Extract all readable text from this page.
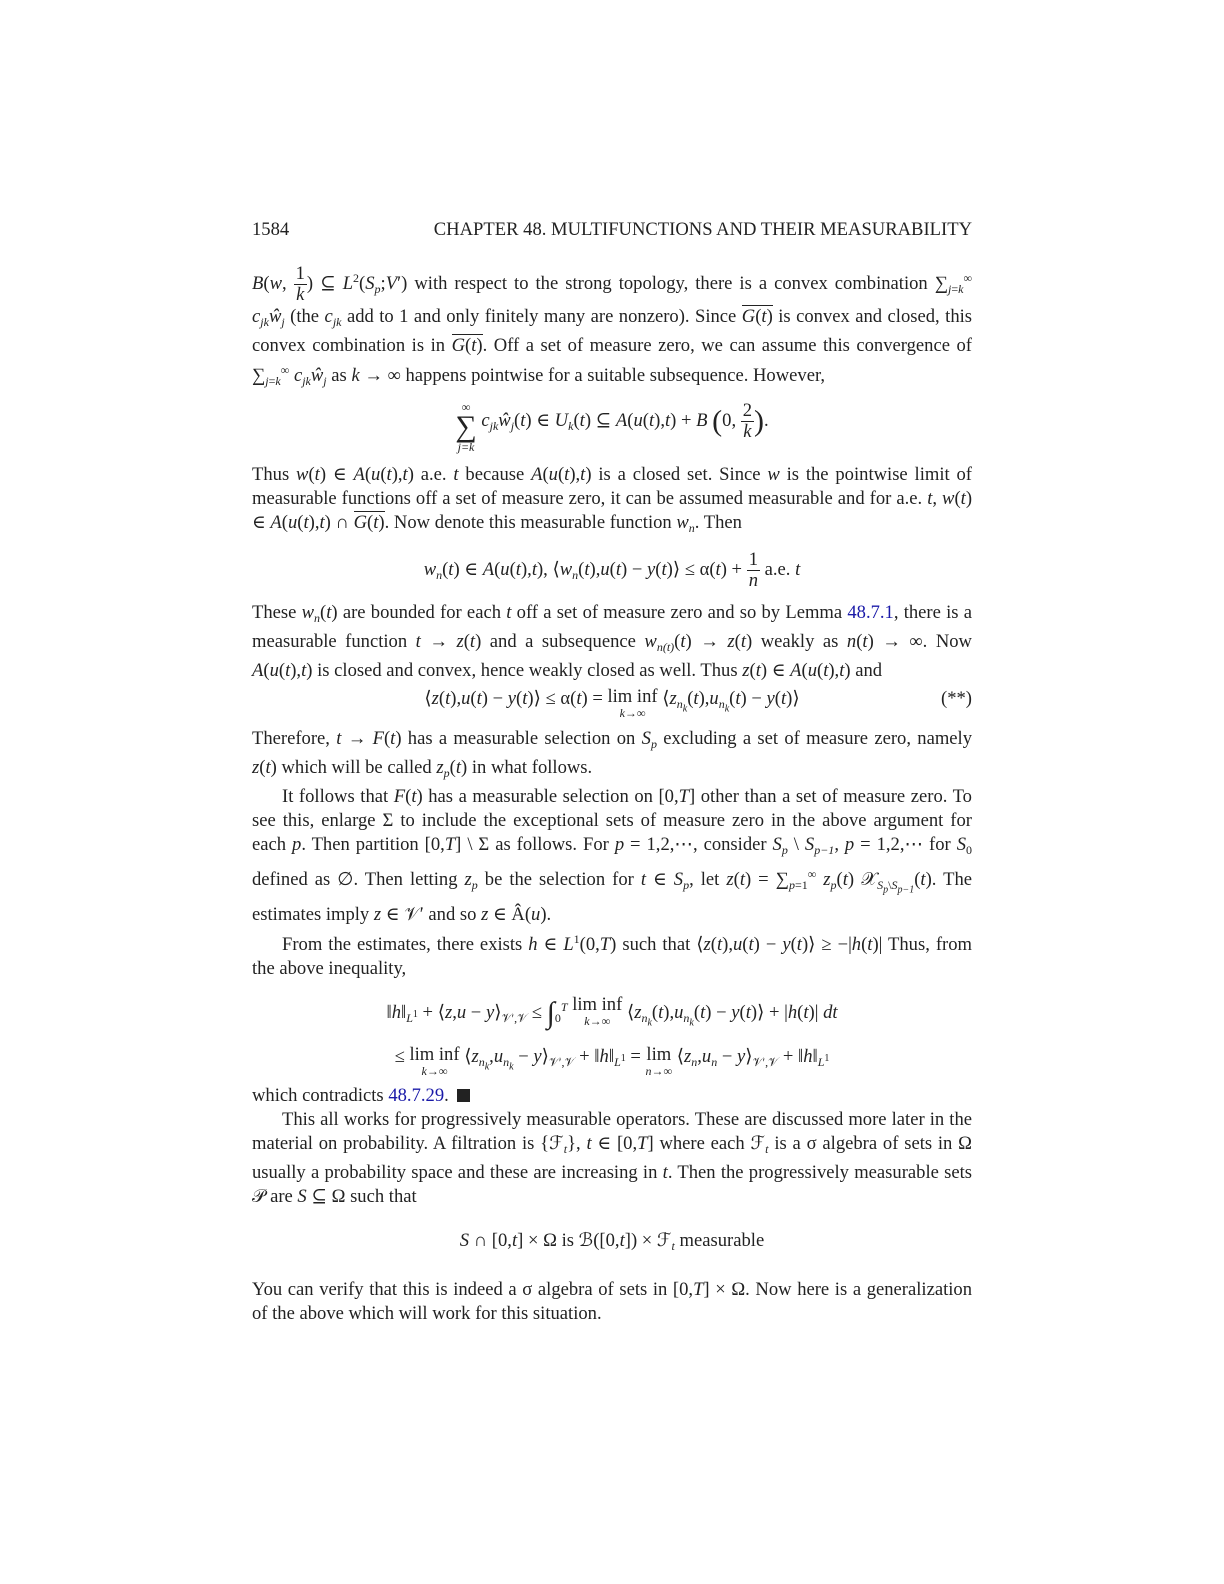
1584	CHAPTER 48. MULTIFUNCTIONS AND THEIR MEASURABILITY

B(w, $\frac{1}{k}$ ) ⊆ $L^2(S_p;V')$ with respect to the strong topology, there is a convex combination $\sum_{j=k}^\infty$ $c_{jk}ŵ_j$ (the $c_{jk}$ add to 1 and only finitely many are nonzero). Since G(t) is convex and closed, this convex combination is in G(t). Off a set of measure zero, we can assume this convergence of $\sum_{j=k}^\infty$ $c_{jk}ŵ_j$ as k → ∞ happens pointwise for a suitable subsequence. However,

∞
∑
j=k
$c_{jk}ŵ_j(t)$ ∈ $U_k(t)$ ⊆ A(u(t),t) + B (0, $\frac{2}{k}$ ).

Thus w(t) ∈ A(u(t),t) a.e. t because A(u(t),t) is a closed set. Since w is the pointwise limit of measurable functions off a set of measure zero, it can be assumed measurable and for a.e. t, w(t) ∈ A(u(t),t) ∩ G(t). Now denote this measurable function $w_n$. Then

$w_n(t)$ ∈ A(u(t),t), $⟨w_n(t),u(t)$ − y(t)⟩ ≤ $\alpha(t) + \frac{1}{n} a.e$. t

These $w_n(t)$ are bounded for each t off a set of measure zero and so by Lemma 48.7.1, there is a measurable function t → z(t) and a subsequence $w_{n(t)}(t) \to z(t)$ weakly as n(t) → ∞. Now A(u(t),t) is closed and convex, hence weakly closed as well. Thus z(t) ∈ A(u(t),t) and

⟨z(t),u(t) − y(t)⟩ ≤ α(t) = lim inf
k→∞
$⟨z_{n_k}(t),u_{n_k}(t)$ − y(t)⟩	(**)

Therefore, t → F(t) has a measurable selection on $S_p$ excluding a set of measure zero, namely z(t) which will be called $z_p(t)$ in what follows.

It follows that F(t) has a measurable selection on [0,T] other than a set of measure zero. To see this, enlarge Σ to include the exceptional sets of measure zero in the above argument for each p. Then partition [0,T] \ Σ as follows. For p = 1,2,⋯, consider $S_p$ \ $S_{p-1}$, p = 1,2,⋯ for $S_0$ defined as ∅. Then letting $z_p$ be the selection for t ∈ $S_p$, let $z(t) = \sum_{p=1}^\infty$ $z_p(t)$ 𝒳$_{S_p\backslash S_{p-1}}$(t). The estimates imply z ∈ 𝒱′ and so z ∈ Â(u).

From the estimates, there exists h ∈ $L^1(0,T)$ such that ⟨z(t),u(t) − y(t)⟩ ≥ −|h(t)| Thus, from the above inequality,

$‖h‖_{L^1}$ + ⟨z,u − $y⟩_{𝒱',𝒱} \le \int_0^T$ lim inf
k→∞ $⟨z_{n_k}(t),u_{n_k}(t)$ − y(t)⟩ + |h(t)| dt
≤ lim inf
k→∞
$⟨z_{n_k},u_{n_k}$ − $y⟩_{𝒱',𝒱}$ + $‖h‖_{L^1} = \lim$
n→∞
$⟨z_n,u_n$ − $y⟩_{𝒱',𝒱}$ + $‖h‖_{L^1}$

which contradicts 48.7.29.

This all works for progressively measurable operators. These are discussed more later in the material on probability. A filtration is {ℱ$_t$}, t ∈ [0,T] where each ℱ$_t$ is a σ algebra of sets in Ω usually a probability space and these are increasing in t. Then the progressively measurable sets 𝒫 are S ⊆ Ω such that

S ∩ [0,t] × Ω is ℬ([0,t]) × ℱ$_t$ measurable

You can verify that this is indeed a σ algebra of sets in [0,T] × Ω. Now here is a generalization of the above which will work for this situation.
